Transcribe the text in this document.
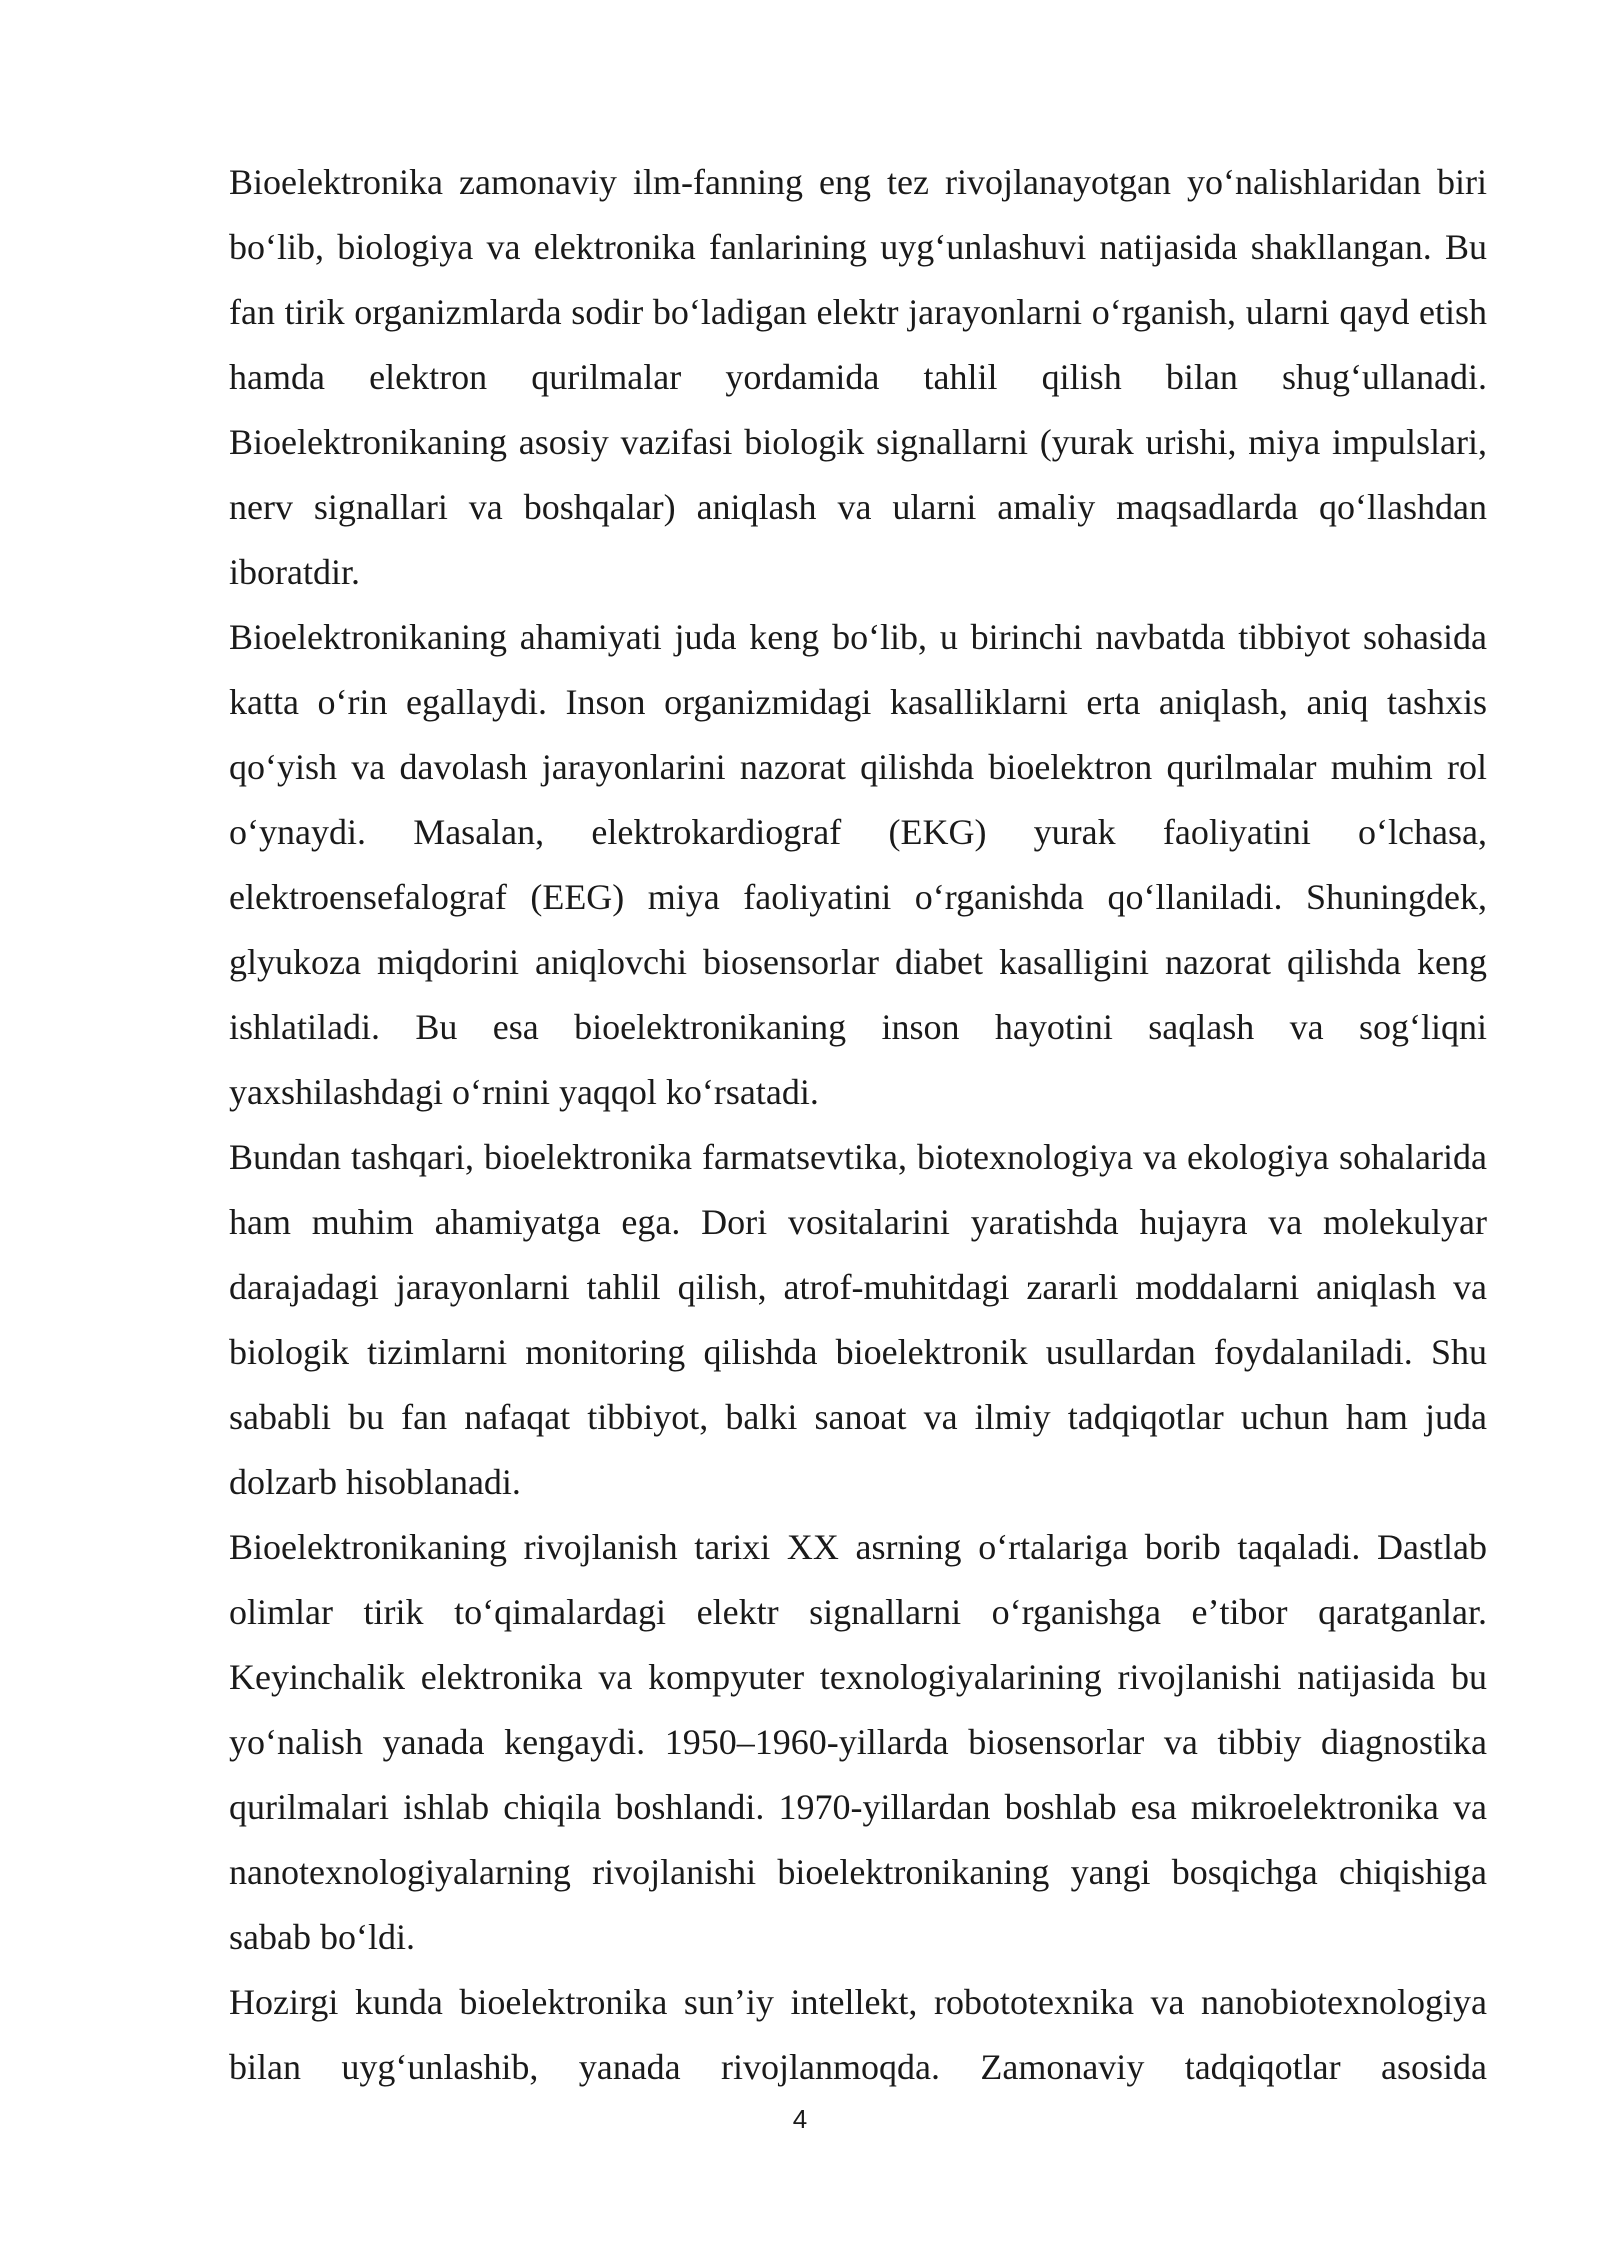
Bioelektronika zamonaviy ilm-fanning eng tez rivojlanayotgan yoʻnalishlaridan biri boʻlib, biologiya va elektronika fanlarining uygʻunlashuvi natijasida shakllangan. Bu fan tirik organizmlarda sodir boʻladigan elektr jarayonlarni oʻrganish, ularni qayd etish hamda elektron qurilmalar yordamida tahlil qilish bilan shugʻullanadi. Bioelektronikaning asosiy vazifasi biologik signallarni (yurak urishi, miya impulslari, nerv signallari va boshqalar) aniqlash va ularni amaliy maqsadlarda qoʻllashdan iboratdir.

Bioelektronikaning ahamiyati juda keng boʻlib, u birinchi navbatda tibbiyot sohasida katta oʻrin egallaydi. Inson organizmidagi kasalliklarni erta aniqlash, aniq tashxis qoʻyish va davolash jarayonlarini nazorat qilishda bioelektron qurilmalar muhim rol oʻynaydi. Masalan, elektrokardiograf (EKG) yurak faoliyatini oʻlchasa, elektroensefalograf (EEG) miya faoliyatini oʻrganishda qoʻllaniladi. Shuningdek, glyukoza miqdorini aniqlovchi biosensorlar diabet kasalligini nazorat qilishda keng ishlatiladi. Bu esa bioelektronikaning inson hayotini saqlash va sogʻliqni yaxshilashdagi oʻrnini yaqqol koʻrsatadi.

Bundan tashqari, bioelektronika farmatsevtika, biotexnologiya va ekologiya sohalarida ham muhim ahamiyatga ega. Dori vositalarini yaratishda hujayra va molekulyar darajadagi jarayonlarni tahlil qilish, atrof-muhitdagi zararli moddalarni aniqlash va biologik tizimlarni monitoring qilishda bioelektronik usullardan foydalaniladi. Shu sababli bu fan nafaqat tibbiyot, balki sanoat va ilmiy tadqiqotlar uchun ham juda dolzarb hisoblanadi.

Bioelektronikaning rivojlanish tarixi XX asrning oʻrtalariga borib taqaladi. Dastlab olimlar tirik toʻqimalardagi elektr signallarni oʻrganishga eʼtibor qaratganlar. Keyinchalik elektronika va kompyuter texnologiyalarining rivojlanishi natijasida bu yoʻnalish yanada kengaydi. 1950–1960-yillarda biosensorlar va tibbiy diagnostika qurilmalari ishlab chiqila boshlandi. 1970-yillardan boshlab esa mikroelektronika va nanotexnologiyalarning rivojlanishi bioelektronikaning yangi bosqichga chiqishiga sabab boʻldi.

Hozirgi kunda bioelektronika sunʼiy intellekt, robototexnika va nanobiotexnologiya bilan uygʻunlashib, yanada rivojlanmoqda. Zamonaviy tadqiqotlar asosida

4
